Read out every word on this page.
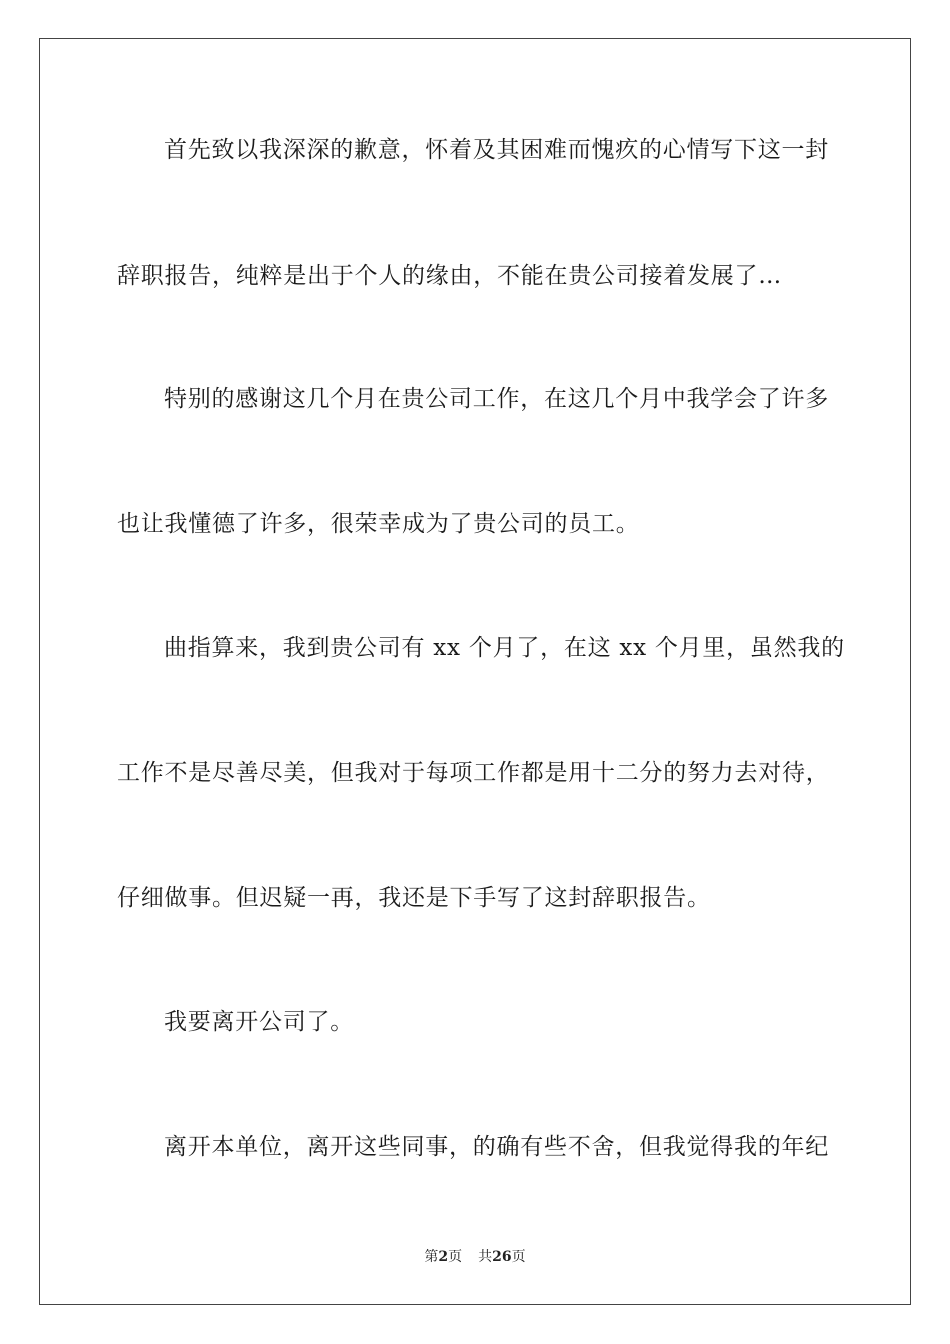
首先致以我深深的歉意，怀着及其困难而愧疚的心情写下这一封
辞职报告，纯粹是出于个人的缘由，不能在贵公司接着发展了…
特别的感谢这几个月在贵公司工作，在这几个月中我学会了许多
也让我懂德了许多，很荣幸成为了贵公司的员工。
曲指算来，我到贵公司有 xx 个月了，在这 xx 个月里，虽然我的
工作不是尽善尽美，但我对于每项工作都是用十二分的努力去对待，
仔细做事。但迟疑一再，我还是下手写了这封辞职报告。
我要离开公司了。
离开本单位，离开这些同事，的确有些不舍，但我觉得我的年纪
第2页 共26页
